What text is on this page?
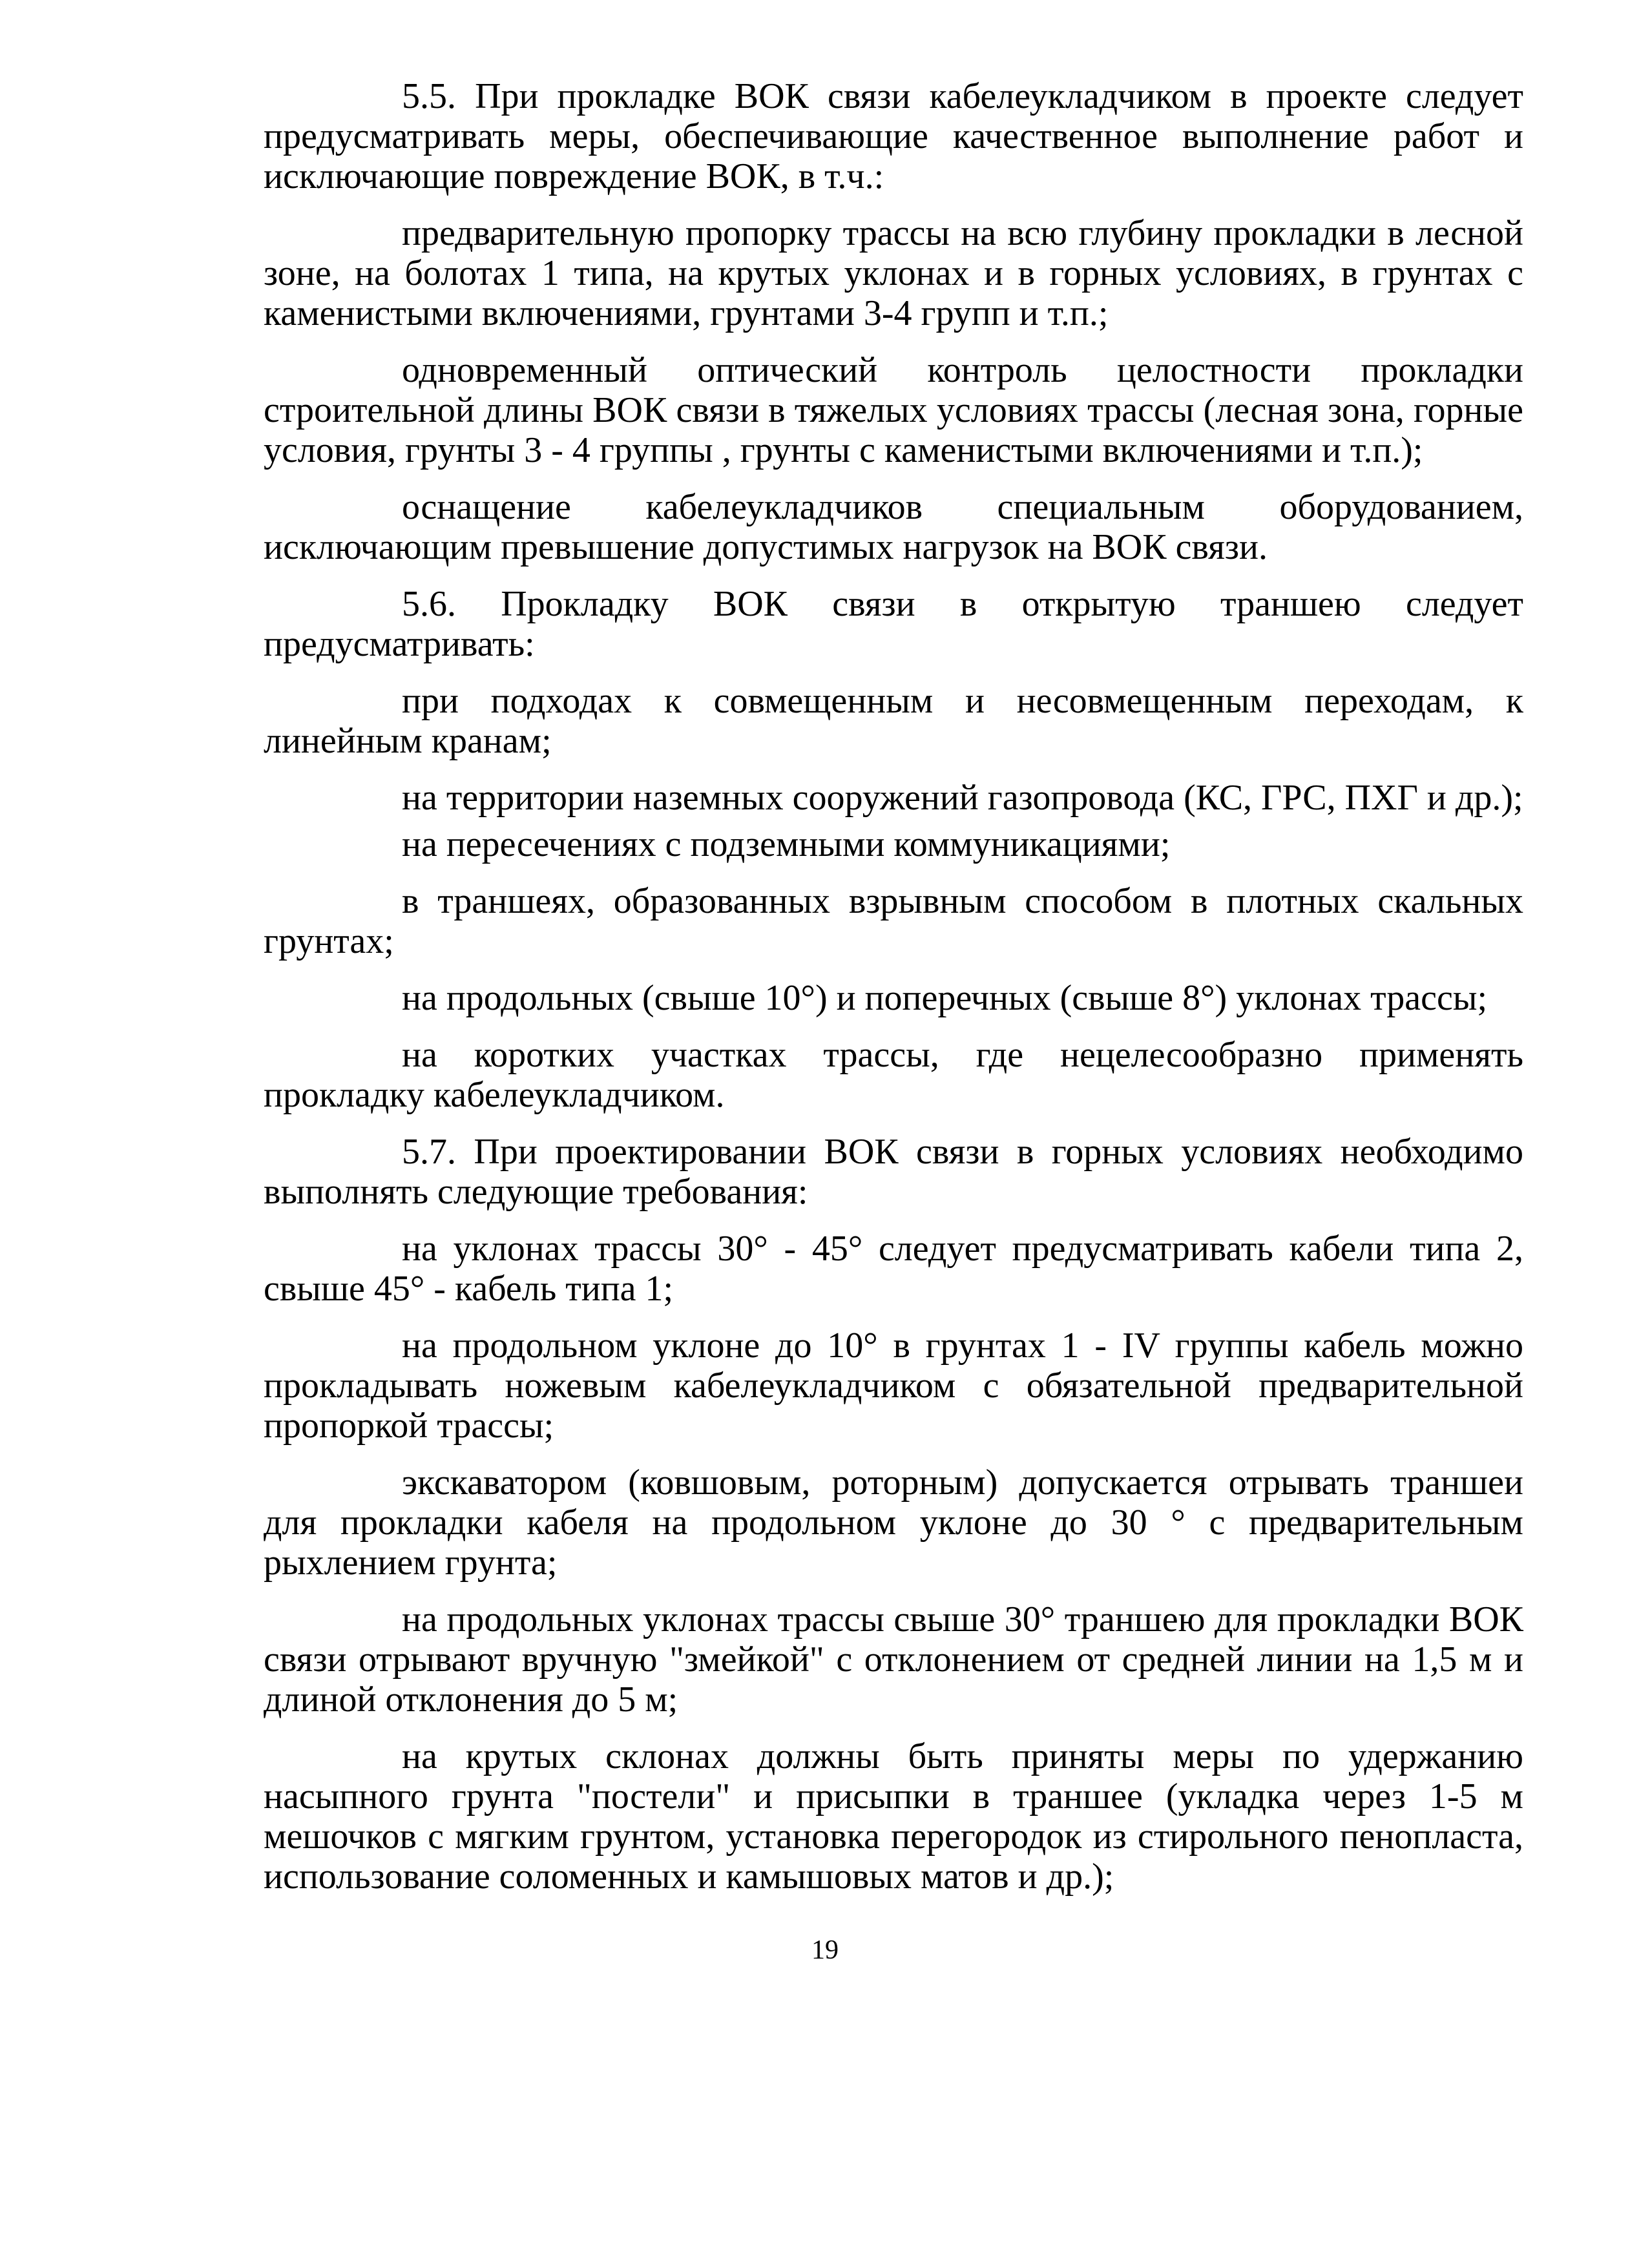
5.5. При прокладке ВОК связи кабелеукладчиком в проекте следует предусматривать меры, обеспечивающие качественное выполнение работ и исключающие повреждение ВОК, в т.ч.:

предварительную пропорку трассы на всю глубину прокладки в лесной зоне, на болотах 1 типа, на крутых уклонах и в горных условиях, в грунтах с каменистыми включениями, грунтами 3-4 групп и т.п.;

одновременный оптический контроль целостности прокладки строительной длины ВОК связи в тяжелых условиях трассы (лесная зона, горные условия, грунты 3 - 4 группы , грунты с каменистыми включениями и т.п.);

оснащение кабелеукладчиков специальным оборудованием, исключающим превышение допустимых нагрузок на ВОК связи.

5.6. Прокладку ВОК связи в открытую траншею следует предусматривать:

при подходах к совмещенным и несовмещенным переходам, к линейным кранам;

на территории наземных сооружений газопровода (КС, ГРС, ПХГ и др.);

на пересечениях с подземными коммуникациями;

в траншеях, образованных взрывным способом в плотных скальных грунтах;

на продольных (свыше 10°) и поперечных (свыше 8°) уклонах трассы;

на коротких участках трассы, где нецелесообразно применять прокладку кабелеукладчиком.

5.7. При проектировании ВОК связи в горных условиях необходимо выполнять следующие требования:

на уклонах трассы 30° - 45° следует предусматривать кабели типа 2, свыше 45° - кабель типа 1;

на продольном уклоне до 10° в грунтах 1 - IV группы кабель можно прокладывать ножевым кабелеукладчиком с обязательной предварительной пропоркой трассы;

экскаватором (ковшовым, роторным) допускается отрывать траншеи для прокладки кабеля на продольном уклоне до 30 ° с предварительным рыхлением грунта;

на продольных уклонах трассы свыше 30° траншею для прокладки ВОК связи отрывают вручную "змейкой" с отклонением от средней линии на 1,5 м и длиной отклонения до 5 м;

на крутых склонах должны быть приняты меры по удержанию насыпного грунта "постели" и присыпки в траншее (укладка через 1-5 м мешочков с мягким грунтом, установка перегородок из стирольного пенопласта, использование соломенных и камышовых матов и др.);

19
